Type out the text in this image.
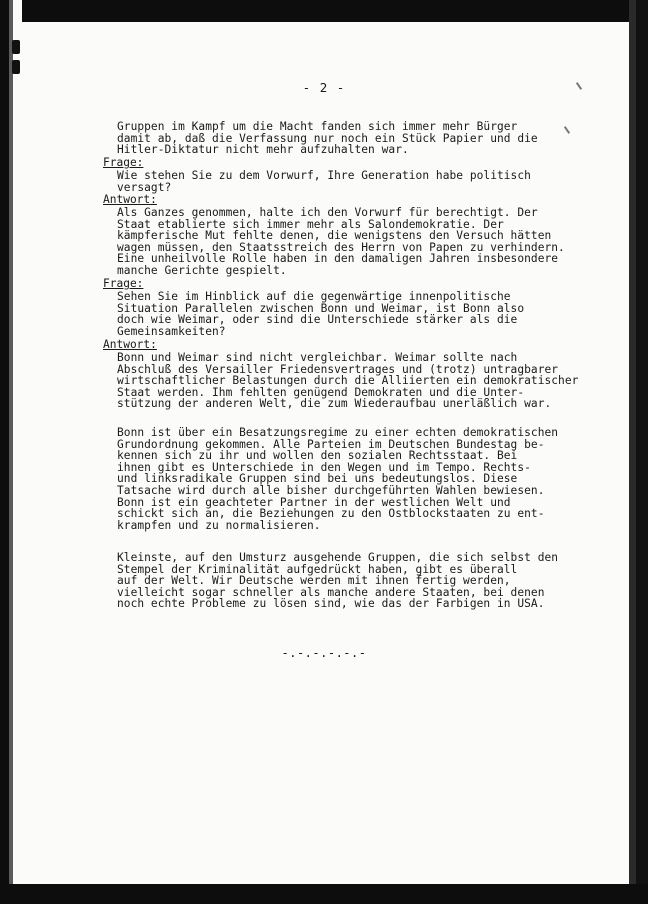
- 2 -
Gruppen im Kampf um die Macht fanden sich immer mehr Bürger
damit ab, daß die Verfassung nur noch ein Stück Papier und die
Hitler-Diktatur nicht mehr aufzuhalten war.
Frage:
Wie stehen Sie zu dem Vorwurf, Ihre Generation habe politisch
versagt?
Antwort:
Als Ganzes genommen, halte ich den Vorwurf für berechtigt. Der
Staat etablierte sich immer mehr als Salondemokratie. Der
kämpferische Mut fehlte denen, die wenigstens den Versuch hätten
wagen müssen, den Staatsstreich des Herrn von Papen zu verhindern.
Eine unheilvolle Rolle haben in den damaligen Jahren insbesondere
manche Gerichte gespielt.
Frage:
Sehen Sie im Hinblick auf die gegenwärtige innenpolitische
Situation Parallelen zwischen Bonn und Weimar, ist Bonn also
doch wie Weimar, oder sind die Unterschiede stärker als die
Gemeinsamkeiten?
Antwort:
Bonn und Weimar sind nicht vergleichbar. Weimar sollte nach
Abschluß des Versailler Friedensvertrages und (trotz) untragbarer
wirtschaftlicher Belastungen durch die Alliierten ein demokratischer
Staat werden. Ihm fehlten genügend Demokraten und die Unter-
stützung der anderen Welt, die zum Wiederaufbau unerläßlich war.
Bonn ist über ein Besatzungsregime zu einer echten demokratischen
Grundordnung gekommen. Alle Parteien im Deutschen Bundestag be-
kennen sich zu ihr und wollen den sozialen Rechtsstaat. Bei
ihnen gibt es Unterschiede in den Wegen und im Tempo. Rechts-
und linksradikale Gruppen sind bei uns bedeutungslos. Diese
Tatsache wird durch alle bisher durchgeführten Wahlen bewiesen.
Bonn ist ein geachteter Partner in der westlichen Welt und
schickt sich an, die Beziehungen zu den Ostblockstaaten zu ent-
krampfen und zu normalisieren.
Kleinste, auf den Umsturz ausgehende Gruppen, die sich selbst den
Stempel der Kriminalität aufgedrückt haben, gibt es überall
auf der Welt. Wir Deutsche werden mit ihnen fertig werden,
vielleicht sogar schneller als manche andere Staaten, bei denen
noch echte Probleme zu lösen sind, wie das der Farbigen in USA.
-.-.-.-.-.-
